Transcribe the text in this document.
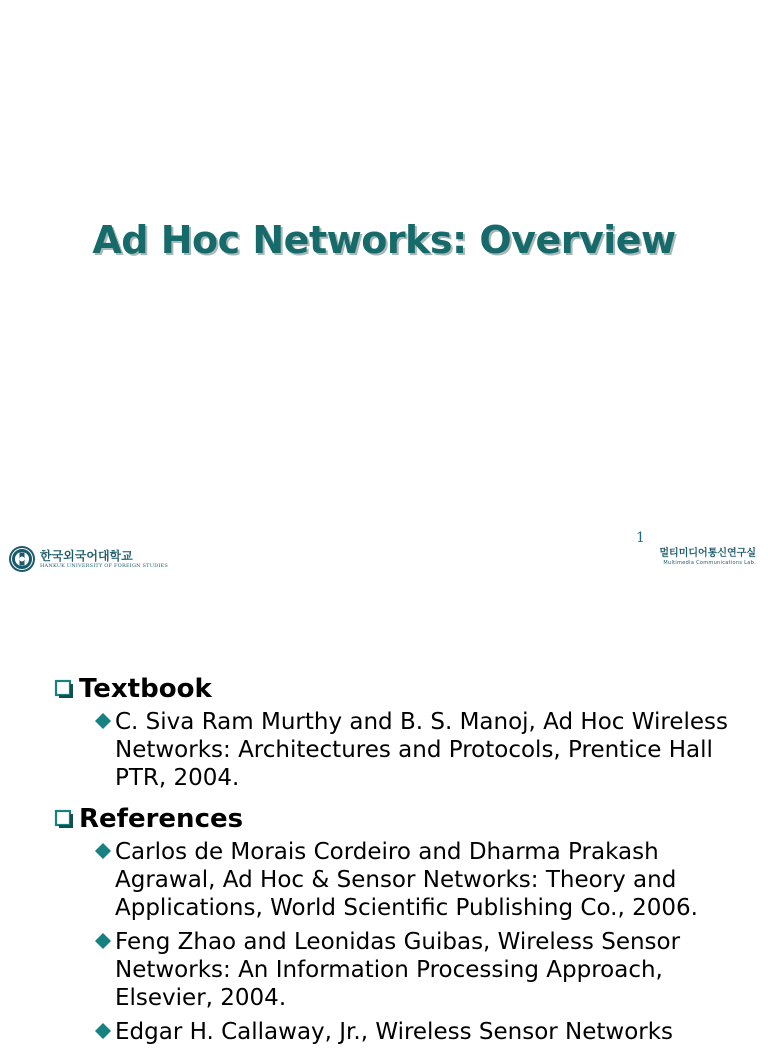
Ad Hoc Networks: Overview
1
한국외국어대학교
HANKUK UNIVERSITY OF FOREIGN STUDIES
멀티미디어통신연구실
Multimedia Communications Lab.
Textbook
C. Siva Ram Murthy and B. S. Manoj, Ad Hoc Wireless Networks: Architectures and Protocols, Prentice Hall PTR, 2004.
References
Carlos de Morais Cordeiro and Dharma Prakash Agrawal, Ad Hoc & Sensor Networks: Theory and Applications, World Scientific Publishing Co., 2006.
Feng Zhao and Leonidas Guibas, Wireless Sensor Networks: An Information Processing Approach, Elsevier, 2004.
Edgar H. Callaway, Jr., Wireless Sensor Networks
